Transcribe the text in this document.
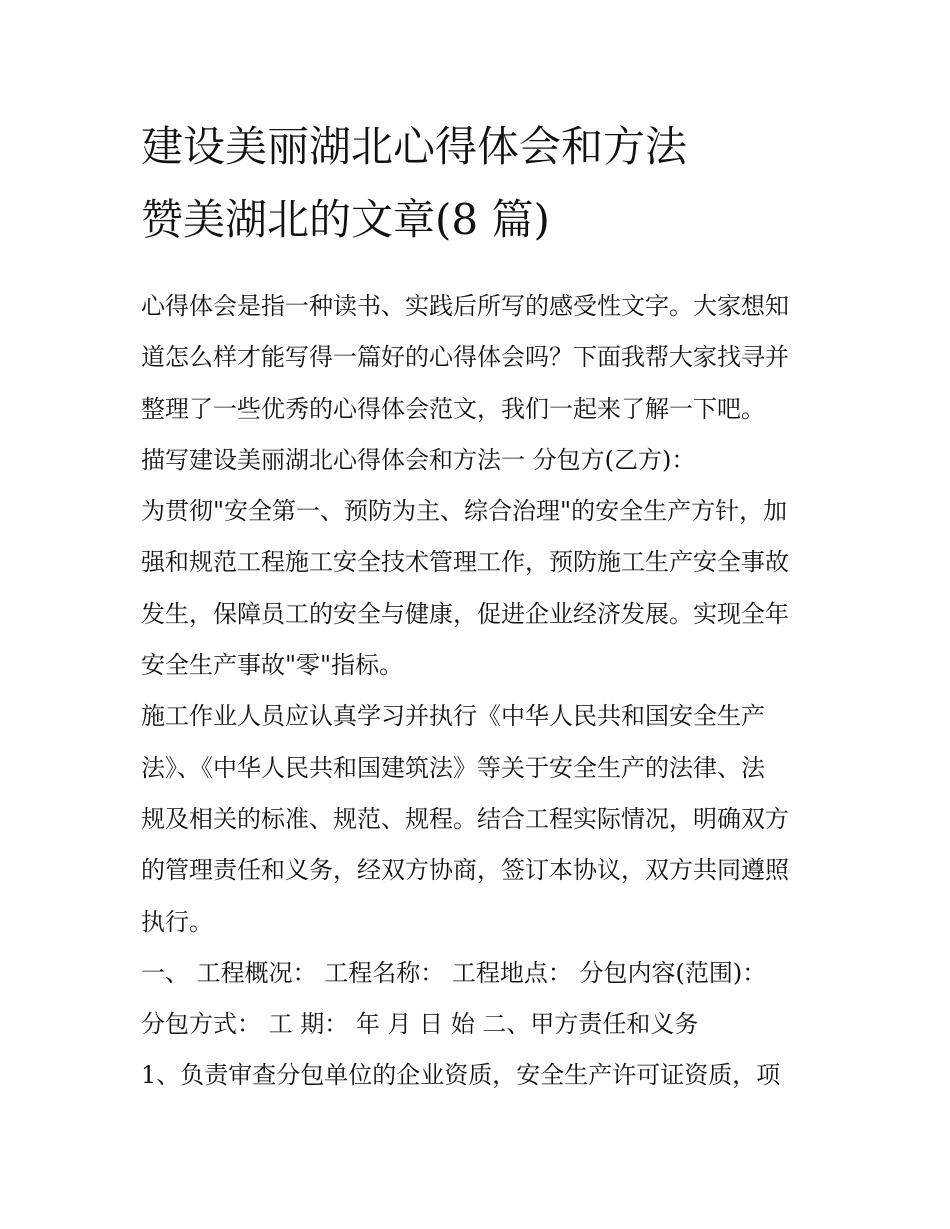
建设美丽湖北心得体会和方法
赞美湖北的文章(8 篇)
心得体会是指一种读书、实践后所写的感受性文字。大家想知
道怎么样才能写得一篇好的心得体会吗？下面我帮大家找寻并
整理了一些优秀的心得体会范文，我们一起来了解一下吧。
描写建设美丽湖北心得体会和方法一 分包方(乙方)：
为贯彻"安全第一、预防为主、综合治理"的安全生产方针，加
强和规范工程施工安全技术管理工作，预防施工生产安全事故
发生，保障员工的安全与健康，促进企业经济发展。实现全年
安全生产事故"零"指标。
施工作业人员应认真学习并执行《中华人民共和国安全生产
法》、《中华人民共和国建筑法》等关于安全生产的法律、法
规及相关的标准、规范、规程。结合工程实际情况，明确双方
的管理责任和义务，经双方协商，签订本协议，双方共同遵照
执行。
一、 工程概况： 工程名称： 工程地点： 分包内容(范围)：
分包方式： 工 期： 年 月 日 始 二、甲方责任和义务
1、负责审查分包单位的企业资质，安全生产许可证资质，项
